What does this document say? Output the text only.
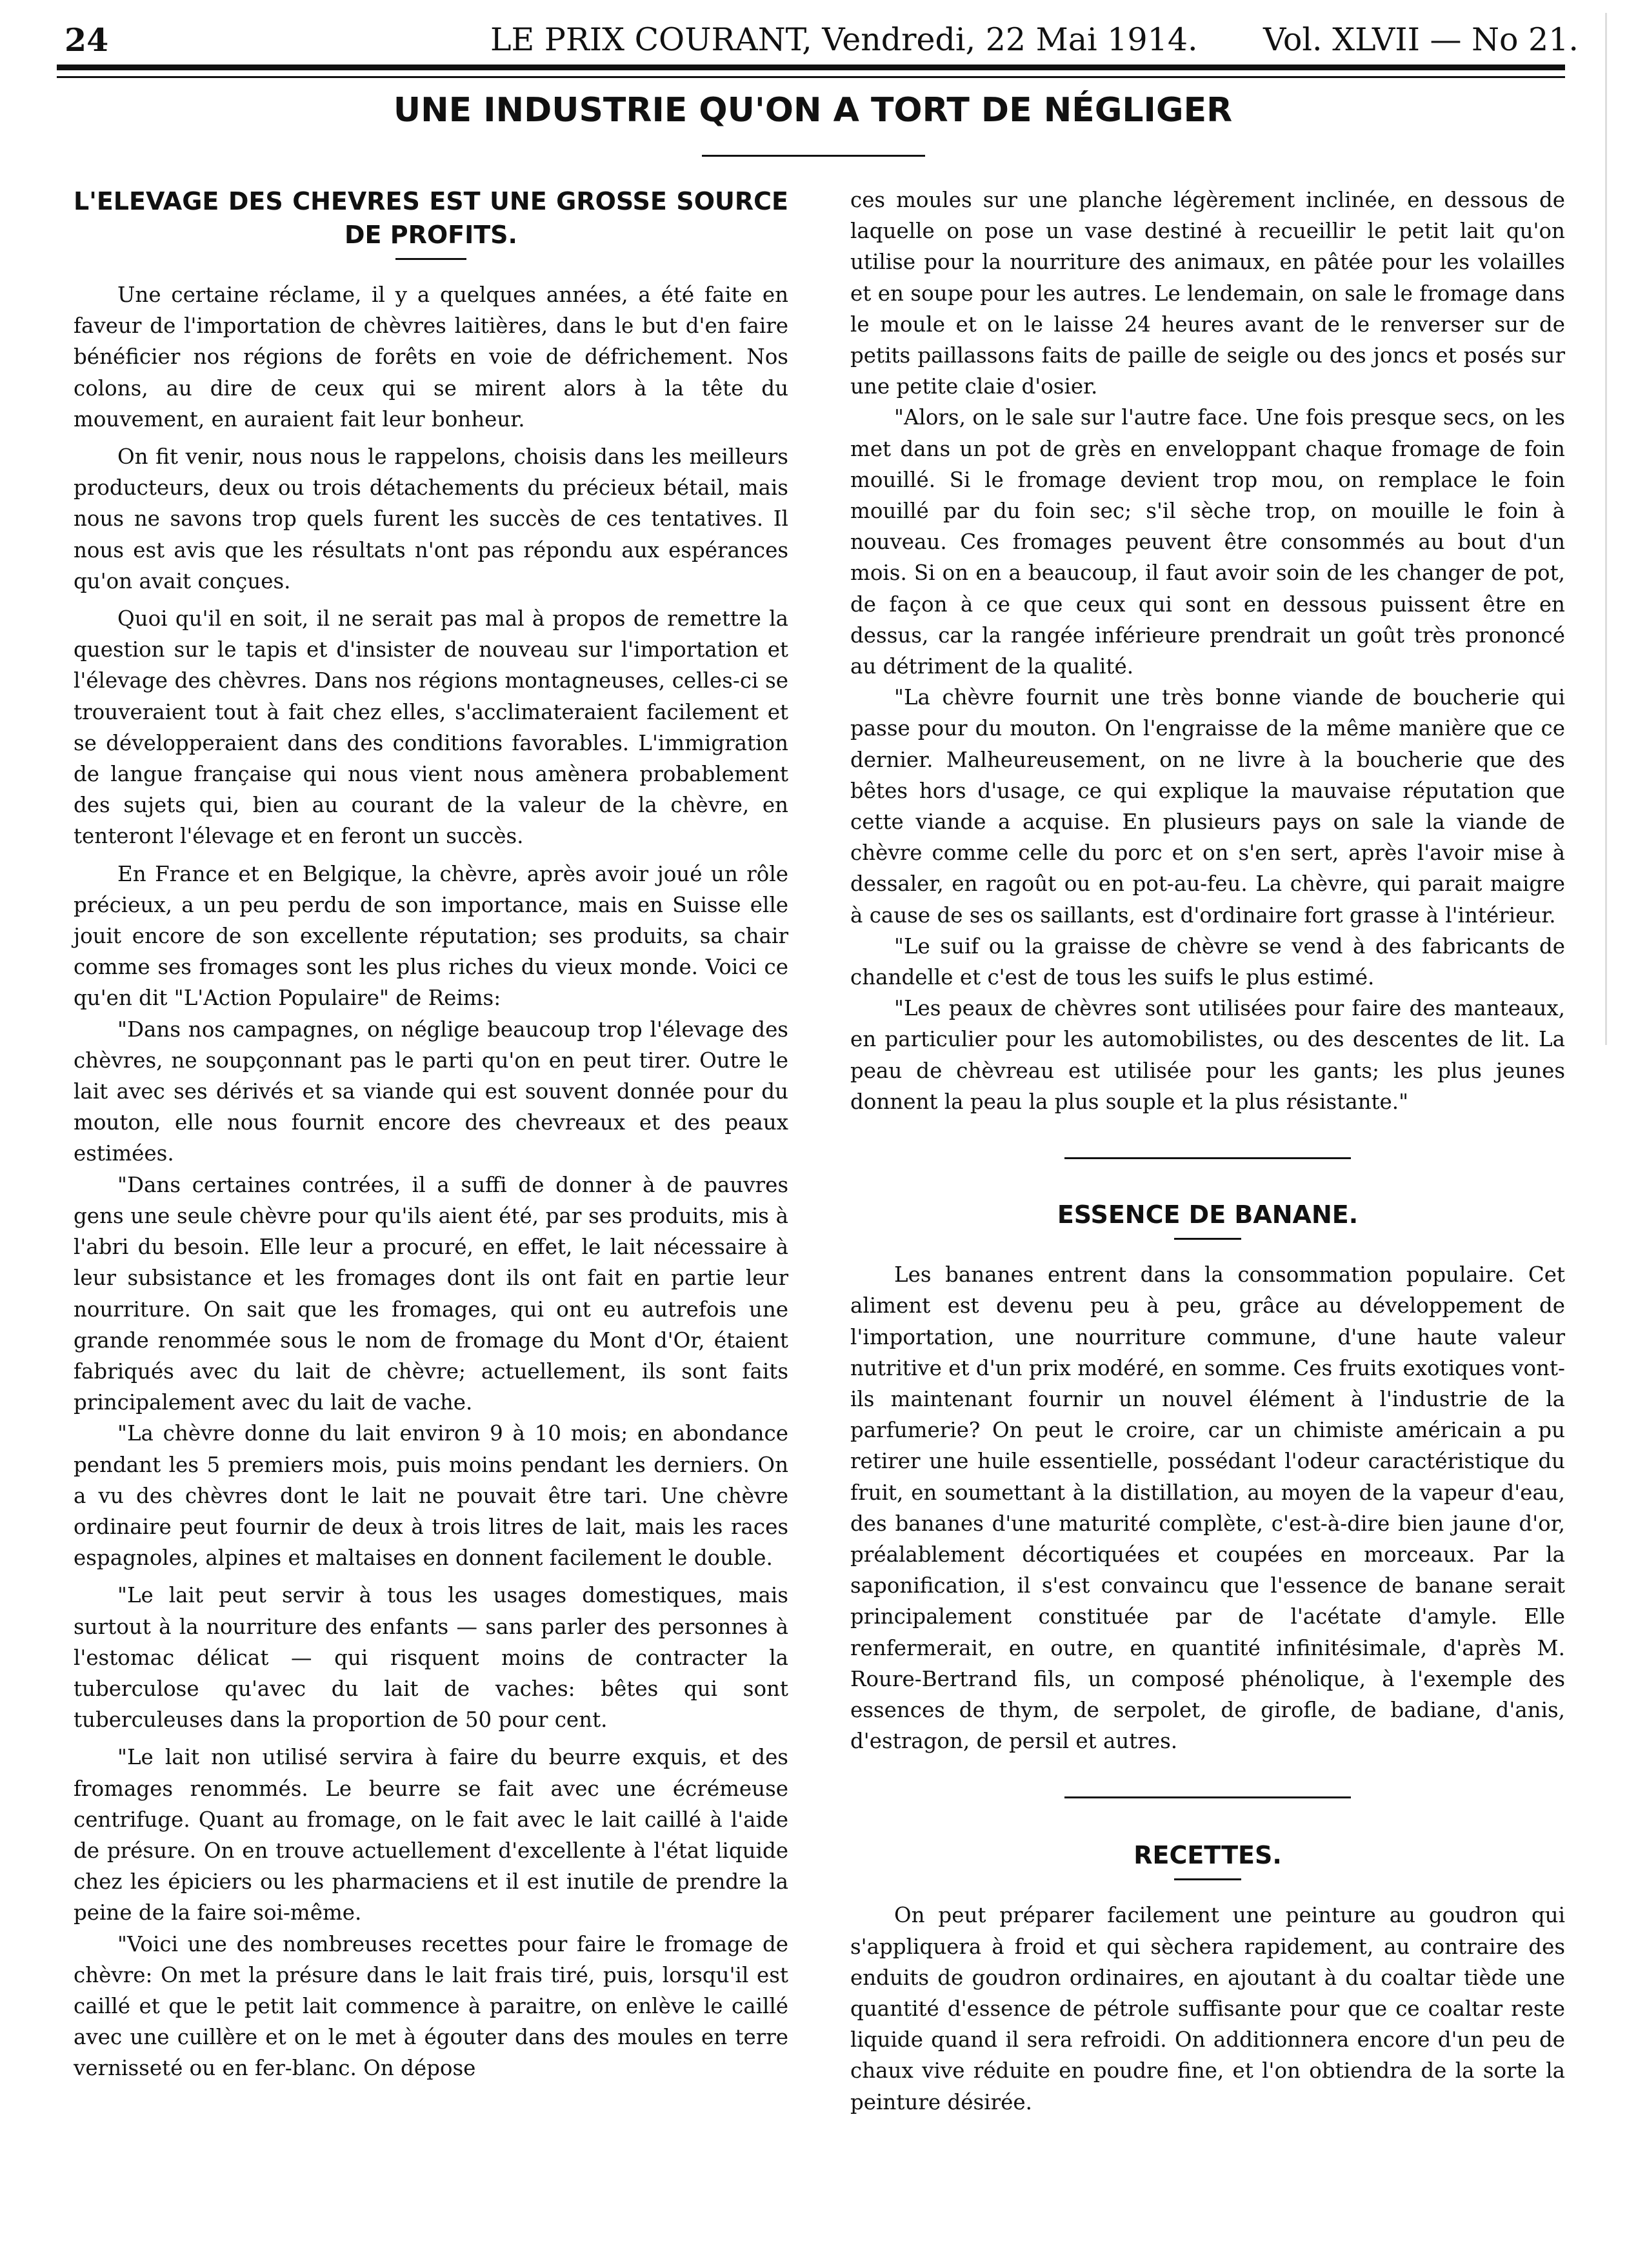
24	LE PRIX COURANT, Vendredi, 22 Mai 1914. Vol. XLVII — No 21.
UNE INDUSTRIE QU'ON A TORT DE NÉGLIGER
L'ELEVAGE DES CHEVRES EST UNE GROSSE SOURCE DE PROFITS.

Une certaine réclame, il y a quelques années, a été faite en faveur de l'importation de chèvres laitières, dans le but d'en faire bénéficier nos régions de forêts en voie de défrichement. Nos colons, au dire de ceux qui se mirent alors à la tête du mouvement, en auraient fait leur bonheur.

On fit venir, nous nous le rappelons, choisis dans les meilleurs producteurs, deux ou trois détachements du précieux bétail, mais nous ne savons trop quels furent les succès de ces tentatives. Il nous est avis que les résultats n'ont pas répondu aux espérances qu'on avait conçues.

Quoi qu'il en soit, il ne serait pas mal à propos de remettre la question sur le tapis et d'insister de nouveau sur l'importation et l'élevage des chèvres. Dans nos régions montagneuses, celles-ci se trouveraient tout à fait chez elles, s'acclimateraient facilement et se développeraient dans des conditions favorables. L'immigration de langue française qui nous vient nous amènera probablement des sujets qui, bien au courant de la valeur de la chèvre, en tenteront l'élevage et en feront un succès.

En France et en Belgique, la chèvre, après avoir joué un rôle précieux, a un peu perdu de son importance, mais en Suisse elle jouit encore de son excellente réputation; ses produits, sa chair comme ses fromages sont les plus riches du vieux monde. Voici ce qu'en dit "L'Action Populaire" de Reims:

"Dans nos campagnes, on néglige beaucoup trop l'élevage des chèvres, ne soupçonnant pas le parti qu'on en peut tirer. Outre le lait avec ses dérivés et sa viande qui est souvent donnée pour du mouton, elle nous fournit encore des chevreaux et des peaux estimées.

"Dans certaines contrées, il a suffi de donner à de pauvres gens une seule chèvre pour qu'ils aient été, par ses produits, mis à l'abri du besoin. Elle leur a procuré, en effet, le lait nécessaire à leur subsistance et les fromages dont ils ont fait en partie leur nourriture. On sait que les fromages, qui ont eu autrefois une grande renommée sous le nom de fromage du Mont d'Or, étaient fabriqués avec du lait de chèvre; actuellement, ils sont faits principalement avec du lait de vache.

"La chèvre donne du lait environ 9 à 10 mois; en abondance pendant les 5 premiers mois, puis moins pendant les derniers. On a vu des chèvres dont le lait ne pouvait être tari. Une chèvre ordinaire peut fournir de deux à trois litres de lait, mais les races espagnoles, alpines et maltaises en donnent facilement le double.

"Le lait peut servir à tous les usages domestiques, mais surtout à la nourriture des enfants — sans parler des personnes à l'estomac délicat — qui risquent moins de contracter la tuberculose qu'avec du lait de vaches: bêtes qui sont tuberculeuses dans la proportion de 50 pour cent.

"Le lait non utilisé servira à faire du beurre exquis, et des fromages renommés. Le beurre se fait avec une écrémeuse centrifuge. Quant au fromage, on le fait avec le lait caillé à l'aide de présure. On en trouve actuellement d'excellente à l'état liquide chez les épiciers ou les pharmaciens et il est inutile de prendre la peine de la faire soi-même.

"Voici une des nombreuses recettes pour faire le fromage de chèvre: On met la présure dans le lait frais tiré, puis, lorsqu'il est caillé et que le petit lait commence à paraitre, on enlève le caillé avec une cuillère et on le met à égouter dans des moules en terre vernisseté ou en fer-blanc. On dépose

ces moules sur une planche légèrement inclinée, en dessous de laquelle on pose un vase destiné à recueillir le petit lait qu'on utilise pour la nourriture des animaux, en pâtée pour les volailles et en soupe pour les autres. Le lendemain, on sale le fromage dans le moule et on le laisse 24 heures avant de le renverser sur de petits paillassons faits de paille de seigle ou des joncs et posés sur une petite claie d'osier.

"Alors, on le sale sur l'autre face. Une fois presque secs, on les met dans un pot de grès en enveloppant chaque fromage de foin mouillé. Si le fromage devient trop mou, on remplace le foin mouillé par du foin sec; s'il sèche trop, on mouille le foin à nouveau. Ces fromages peuvent être consommés au bout d'un mois. Si on en a beaucoup, il faut avoir soin de les changer de pot, de façon à ce que ceux qui sont en dessous puissent être en dessus, car la rangée inférieure prendrait un goût très prononcé au détriment de la qualité.

"La chèvre fournit une très bonne viande de boucherie qui passe pour du mouton. On l'engraisse de la même manière que ce dernier. Malheureusement, on ne livre à la boucherie que des bêtes hors d'usage, ce qui explique la mauvaise réputation que cette viande a acquise. En plusieurs pays on sale la viande de chèvre comme celle du porc et on s'en sert, après l'avoir mise à dessaler, en ragoût ou en pot-au-feu. La chèvre, qui parait maigre à cause de ses os saillants, est d'ordinaire fort grasse à l'intérieur.

"Le suif ou la graisse de chèvre se vend à des fabricants de chandelle et c'est de tous les suifs le plus estimé.

"Les peaux de chèvres sont utilisées pour faire des manteaux, en particulier pour les automobilistes, ou des descentes de lit. La peau de chèvreau est utilisée pour les gants; les plus jeunes donnent la peau la plus souple et la plus résistante."

ESSENCE DE BANANE.

Les bananes entrent dans la consommation populaire. Cet aliment est devenu peu à peu, grâce au développement de l'importation, une nourriture commune, d'une haute valeur nutritive et d'un prix modéré, en somme. Ces fruits exotiques vont-ils maintenant fournir un nouvel élément à l'industrie de la parfumerie? On peut le croire, car un chimiste américain a pu retirer une huile essentielle, possédant l'odeur caractéristique du fruit, en soumettant à la distillation, au moyen de la vapeur d'eau, des bananes d'une maturité complète, c'est-à-dire bien jaune d'or, préalablement décortiquées et coupées en morceaux. Par la saponification, il s'est convaincu que l'essence de banane serait principalement constituée par de l'acétate d'amyle. Elle renfermerait, en outre, en quantité infinitésimale, d'après M. Roure-Bertrand fils, un composé phénolique, à l'exemple des essences de thym, de serpolet, de girofle, de badiane, d'anis, d'estragon, de persil et autres.

RECETTES.

On peut préparer facilement une peinture au goudron qui s'appliquera à froid et qui sèchera rapidement, au contraire des enduits de goudron ordinaires, en ajoutant à du coaltar tiède une quantité d'essence de pétrole suffisante pour que ce coaltar reste liquide quand il sera refroidi. On additionnera encore d'un peu de chaux vive réduite en poudre fine, et l'on obtiendra de la sorte la peinture désirée.
